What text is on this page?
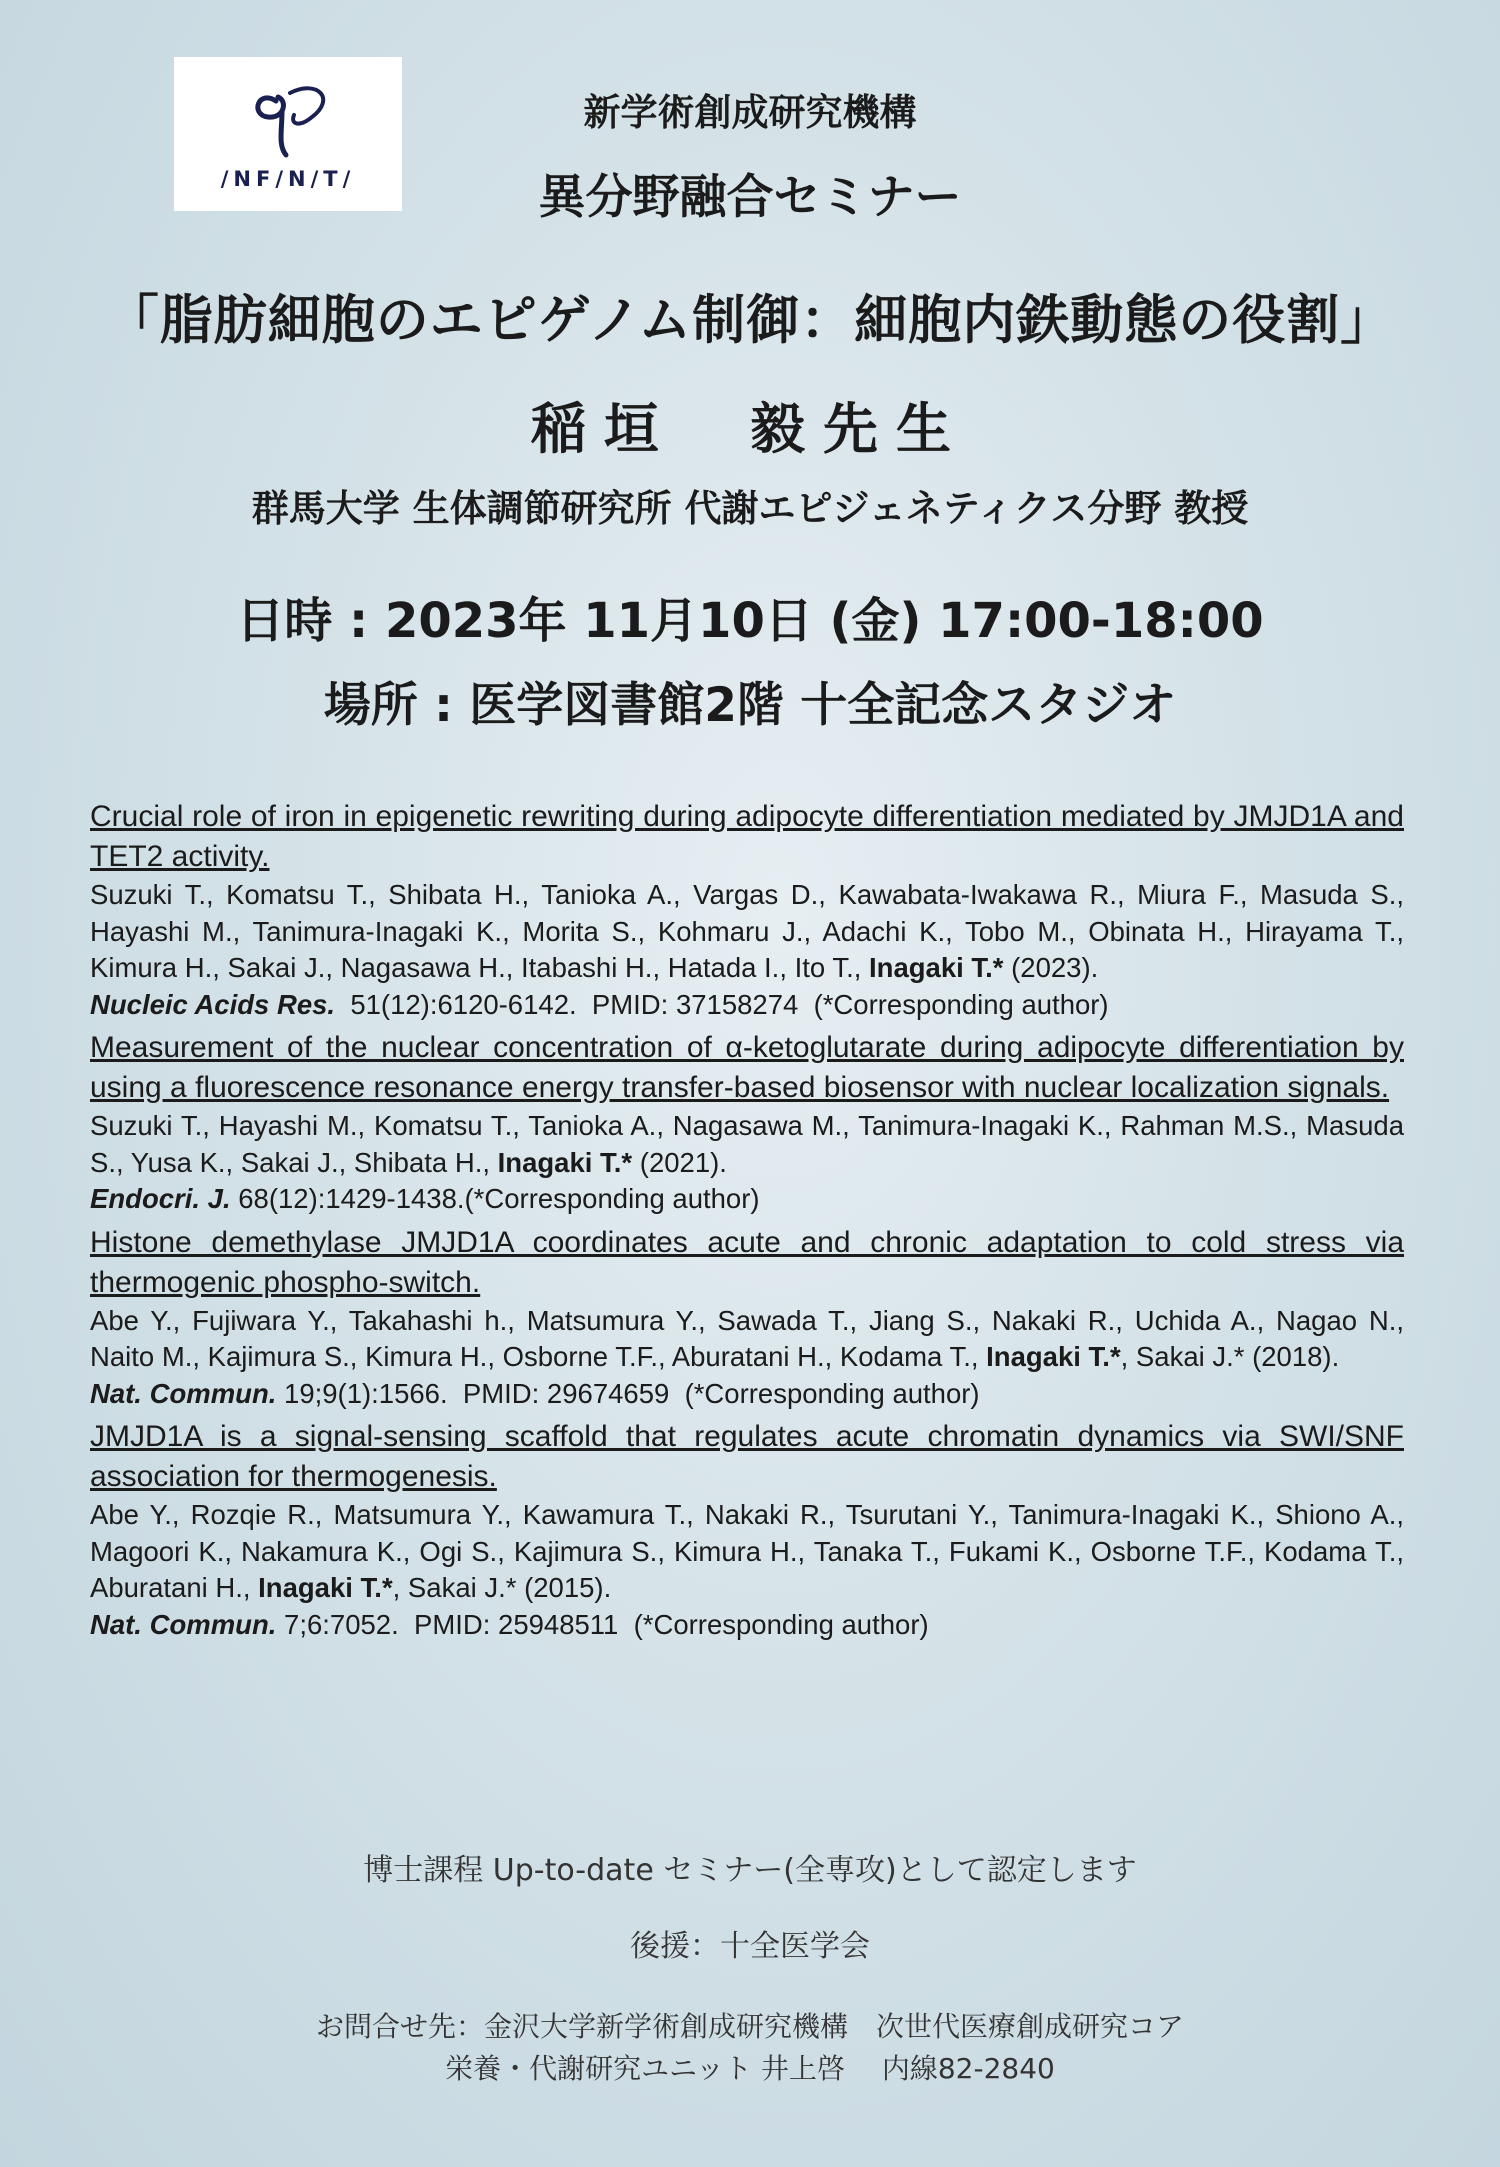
/NF/N/T/
新学術創成研究機構
異分野融合セミナー
「脂肪細胞のエピゲノム制御：細胞内鉄動態の役割」
稲垣　毅先生
群馬大学 生体調節研究所 代謝エピジェネティクス分野 教授
日時 : 2023年 11月10日 (金) 17:00-18:00
場所 : 医学図書館2階 十全記念スタジオ
Crucial role of iron in epigenetic rewriting during adipocyte differentiation mediated by JMJD1A and TET2 activity.
Suzuki T., Komatsu T., Shibata H., Tanioka A., Vargas D., Kawabata-Iwakawa R., Miura F., Masuda S., Hayashi M., Tanimura-Inagaki K., Morita S., Kohmaru J., Adachi K., Tobo M., Obinata H., Hirayama T., Kimura H., Sakai J., Nagasawa H., Itabashi H., Hatada I., Ito T., Inagaki T.* (2023).
Nucleic Acids Res.  51(12):6120-6142.  PMID: 37158274  (*Corresponding author)
Measurement of the nuclear concentration of α-ketoglutarate during adipocyte differentiation by using a fluorescence resonance energy transfer-based biosensor with nuclear localization signals.
Suzuki T., Hayashi M., Komatsu T., Tanioka A., Nagasawa M., Tanimura-Inagaki K., Rahman M.S., Masuda S., Yusa K., Sakai J., Shibata H., Inagaki T.* (2021).
Endocri. J. 68(12):1429-1438.(*Corresponding author)
Histone demethylase JMJD1A coordinates acute and chronic adaptation to cold stress via thermogenic phospho-switch.
Abe Y., Fujiwara Y., Takahashi h., Matsumura Y., Sawada T., Jiang S., Nakaki R., Uchida A., Nagao N., Naito M., Kajimura S., Kimura H., Osborne T.F., Aburatani H., Kodama T., Inagaki T.*, Sakai J.* (2018).
Nat. Commun. 19;9(1):1566.  PMID: 29674659  (*Corresponding author)
JMJD1A is a signal-sensing scaffold that regulates acute chromatin dynamics via SWI/SNF association for thermogenesis.
Abe Y., Rozqie R., Matsumura Y., Kawamura T., Nakaki R., Tsurutani Y., Tanimura-Inagaki K., Shiono A., Magoori K., Nakamura K., Ogi S., Kajimura S., Kimura H., Tanaka T., Fukami K., Osborne T.F., Kodama T., Aburatani H., Inagaki T.*, Sakai J.* (2015).
Nat. Commun. 7;6:7052.  PMID: 25948511  (*Corresponding author)
博士課程 Up-to-date セミナー(全専攻)として認定します
後援：十全医学会
お問合せ先：金沢大学新学術創成研究機構　次世代医療創成研究コア
栄養・代謝研究ユニット 井上啓　 内線82-2840
